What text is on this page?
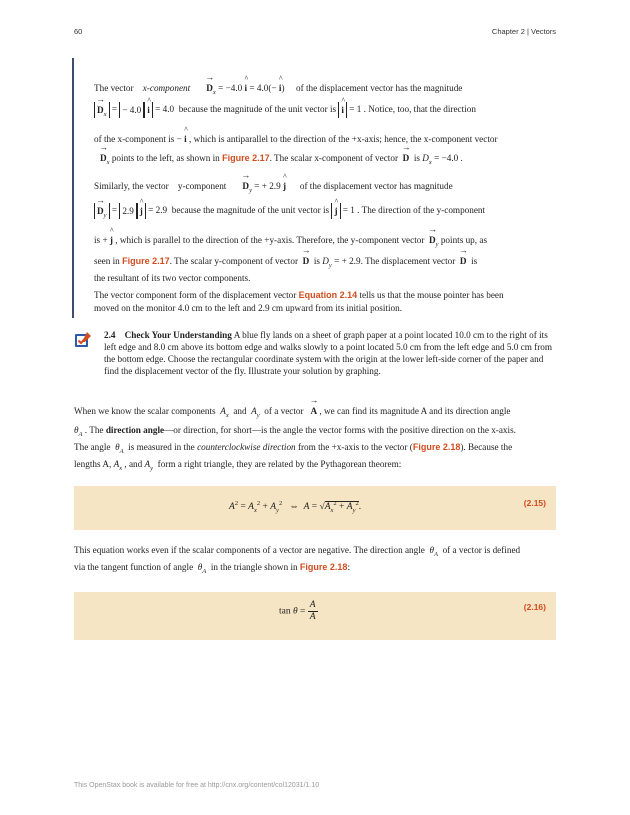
60	Chapter 2 | Vectors
The vector x-component       → $D_x = -4.0$ ^ i = 4.0(− ^ i) of the displacement vector has the magnitude
→ $D_x$ = − 4.0^ i = 4.0 because the magnitude of the unit vector is ^ i = 1 . Notice, too, that the direction
of the x-component is − ^ i , which is antiparallel to the direction of the +x-axis; hence, the x-component vector
→ $D_x$ points to the left, as shown in Figure 2.17. The scalar x-component of vector  → D is $D_x = -4.0$ .
Similarly, the vector y-component       → $D_y$ = + 2.9 ^ j of the displacement vector has magnitude
→ $D_y$ = 2.9^ j = 2.9  because the magnitude of the unit vector is ^ j = 1 . The direction of the y-component
is + ^ j , which is parallel to the direction of the +y-axis. Therefore, the y-component vector  → $D_y$ points up, as
seen in Figure 2.17. The scalar y-component of vector  → D is $D_y$ = + 2.9. The displacement vector  → D is
the resultant of its two vector components.
The vector component form of the displacement vector Equation 2.14 tells us that the mouse pointer has been
moved on the monitor 4.0 cm to the left and 2.9 cm upward from its initial position.
2.4 Check Your Understanding A blue fly lands on a sheet of graph paper at a point located 10.0 cm to the right of its left edge and 8.0 cm above its bottom edge and walks slowly to a point located 5.0 cm from the left edge and 5.0 cm from the bottom edge. Choose the rectangular coordinate system with the origin at the lower left-side corner of the paper and find the displacement vector of the fly. Illustrate your solution by graphing.
When we know the scalar components $A_x$ and $A_y$ of a vector   → A , we can find its magnitude A and its direction angle
$\theta_A$ . The direction angle—or direction, for short—is the angle the vector forms with the positive direction on the x-axis.
The angle $\theta_A$ is measured in the counterclockwise direction from the +x-axis to the vector (Figure 2.18). Because the
lengths A, $A_x$ , and $A_y$ form a right triangle, they are related by the Pythagorean theorem:
$A^2 = A_x^2 + A_y^2$   ⇔  $A = √A_x^2 + A_y^2$.	(2.15)
This equation works even if the scalar components of a vector are negative. The direction angle $\theta_A$ of a vector is defined
via the tangent function of angle $\theta_A$ in the triangle shown in Figure 2.18:
$\tan \theta = \frac{A}{A}$	(2.16)
This OpenStax book is available for free at http://cnx.org/content/col12031/1.10
